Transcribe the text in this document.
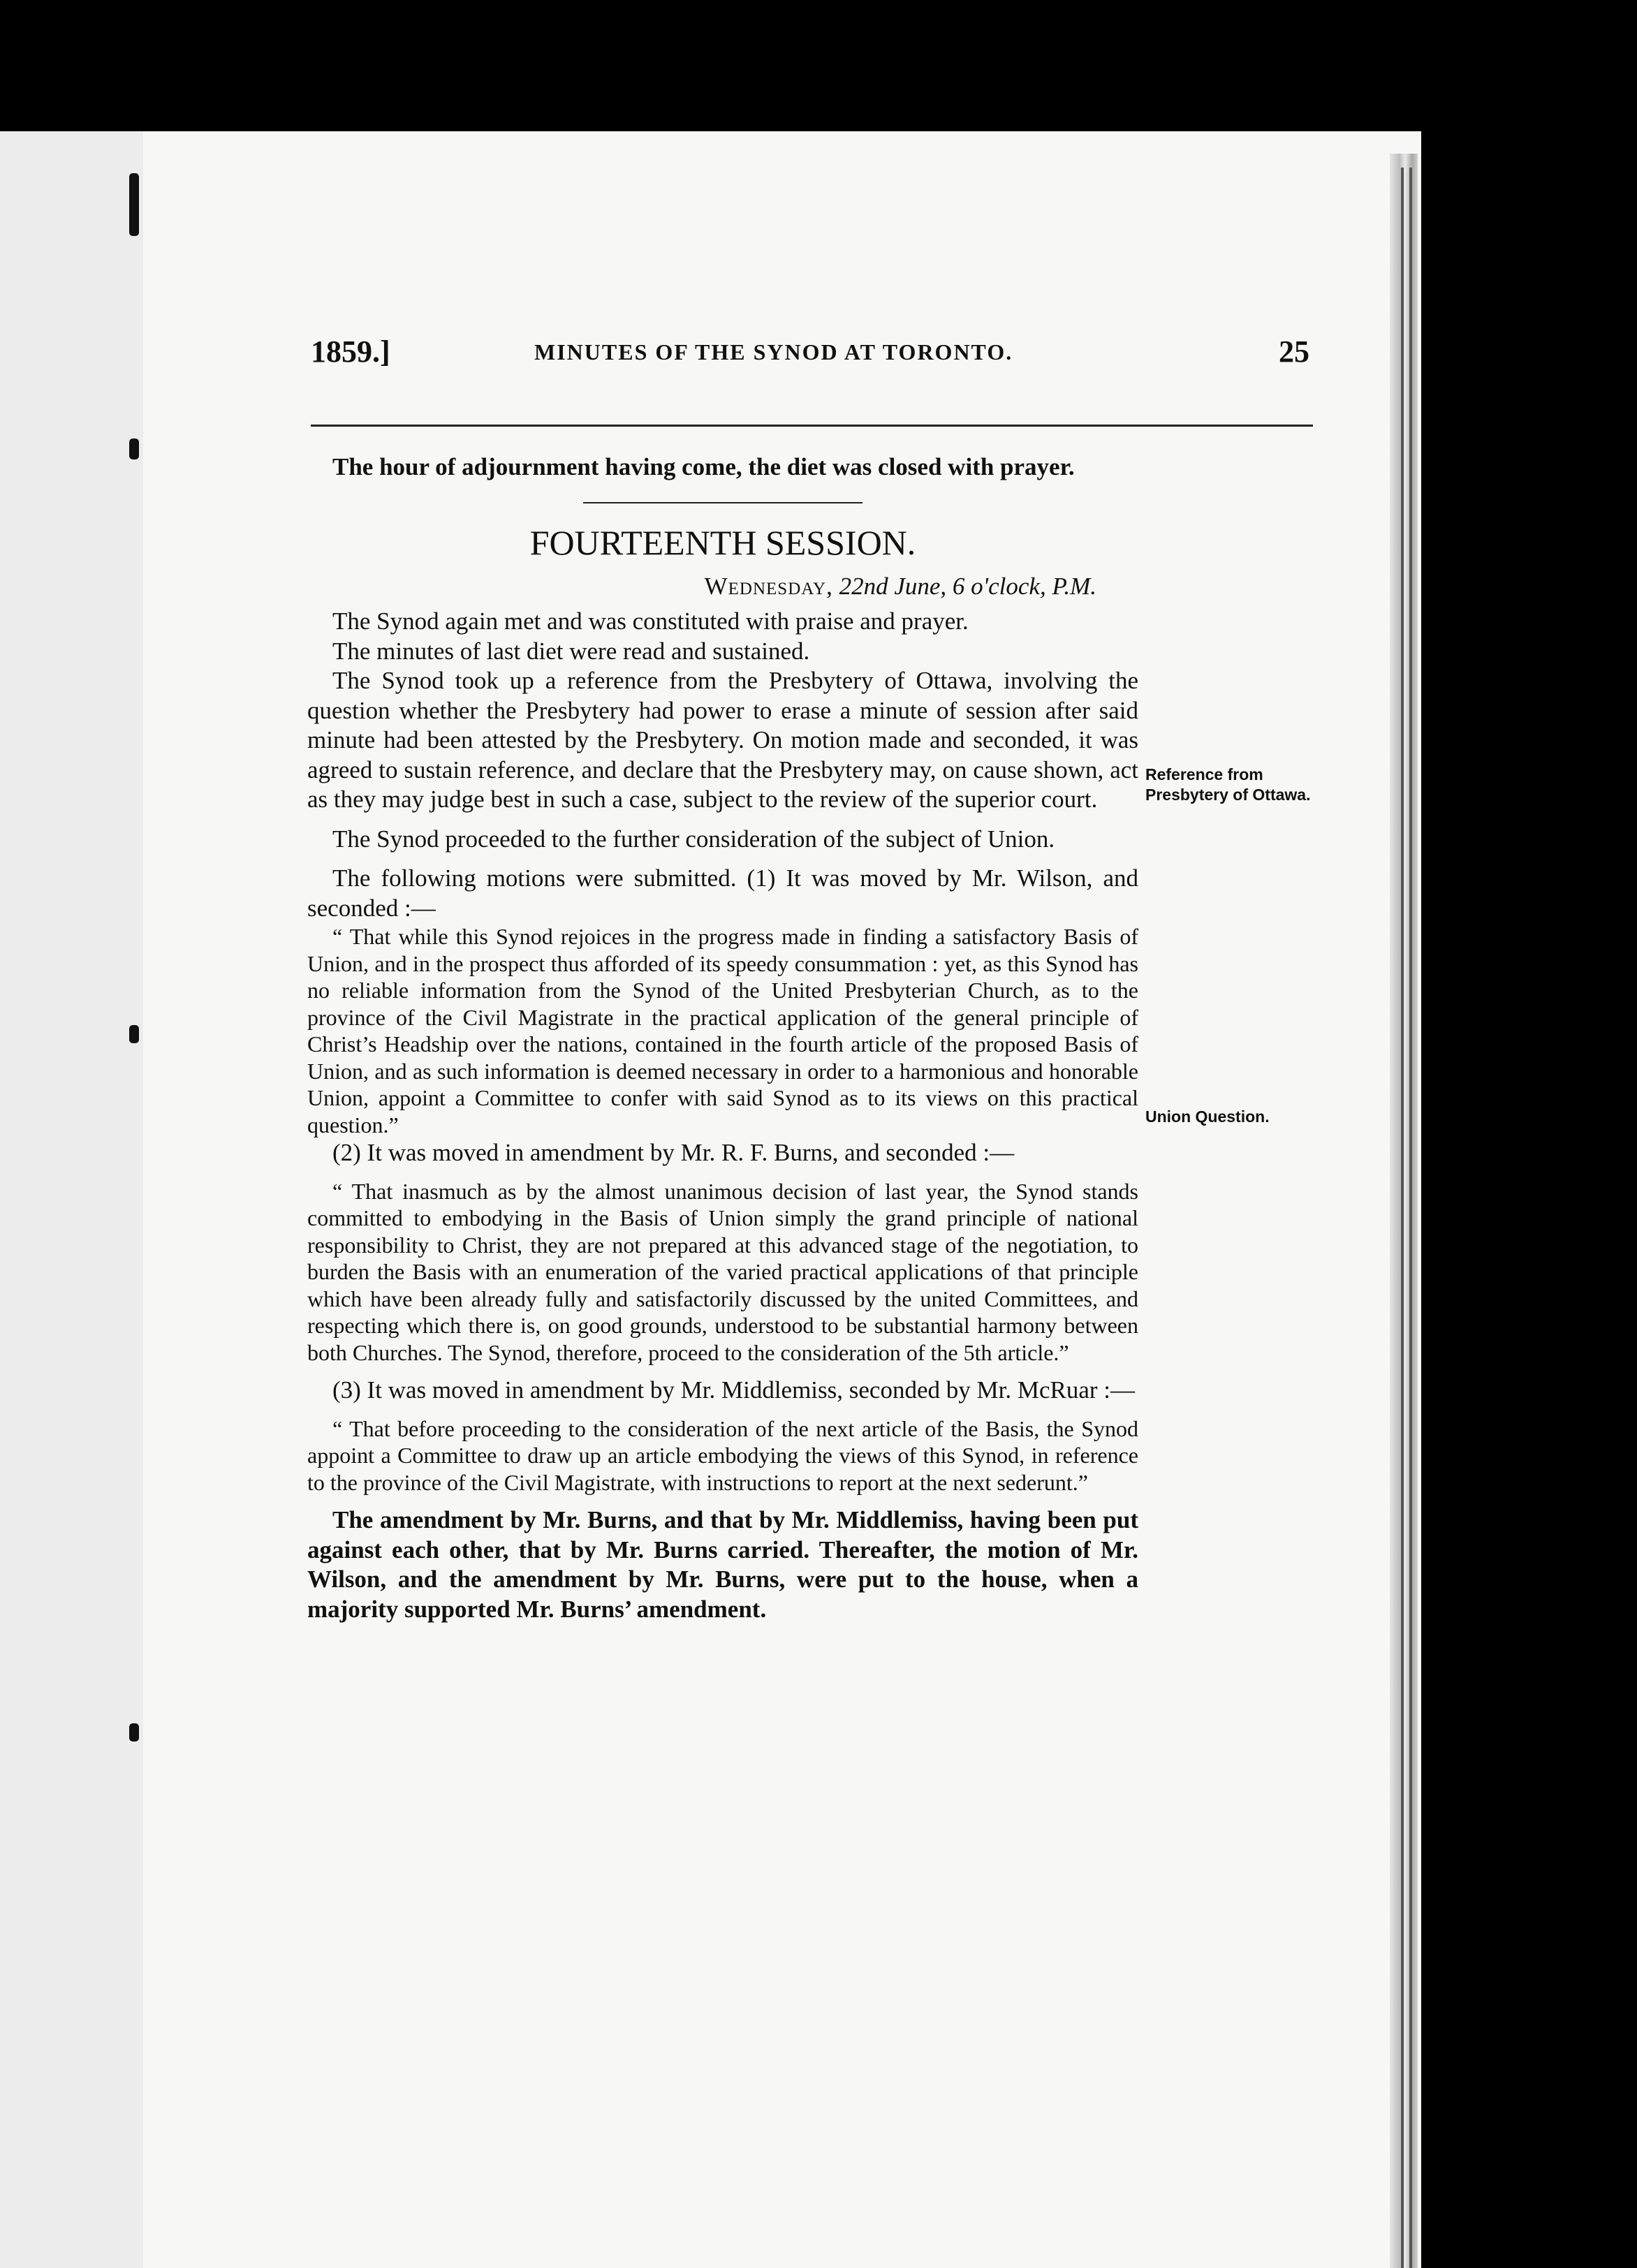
1859.]	MINUTES OF THE SYNOD AT TORONTO.	25

The hour of adjournment having come, the diet was closed with prayer.

FOURTEENTH SESSION.
Wednesday, 22nd June, 6 o'clock, P.M.

The Synod again met and was constituted with praise and prayer.

The minutes of last diet were read and sustained.

The Synod took up a reference from the Presbytery of Ottawa, involving the question whether the Presbytery had power to erase a minute of session after said minute had been attested by the Presbytery. On motion made and seconded, it was agreed to sustain reference, and declare that the Presbytery may, on cause shown, act as they may judge best in such a case, subject to the review of the superior court.

The Synod proceeded to the further consideration of the subject of Union.

The following motions were submitted. (1) It was moved by Mr. Wilson, and seconded :—

“ That while this Synod rejoices in the progress made in finding a satisfactory Basis of Union, and in the prospect thus afforded of its speedy consummation : yet, as this Synod has no reliable information from the Synod of the United Presbyterian Church, as to the province of the Civil Magistrate in the practical application of the general principle of Christ’s Headship over the nations, contained in the fourth article of the proposed Basis of Union, and as such information is deemed necessary in order to a harmonious and honorable Union, appoint a Committee to confer with said Synod as to its views on this practical question.”

(2) It was moved in amendment by Mr. R. F. Burns, and seconded :—

“ That inasmuch as by the almost unanimous decision of last year, the Synod stands committed to embodying in the Basis of Union simply the grand principle of national responsibility to Christ, they are not prepared at this advanced stage of the negotiation, to burden the Basis with an enumeration of the varied practical applications of that principle which have been already fully and satisfactorily discussed by the united Committees, and respecting which there is, on good grounds, understood to be substantial harmony between both Churches. The Synod, therefore, proceed to the consideration of the 5th article.”

(3) It was moved in amendment by Mr. Middlemiss, seconded by Mr. McRuar :—

“ That before proceeding to the consideration of the next article of the Basis, the Synod appoint a Committee to draw up an article embodying the views of this Synod, in reference to the province of the Civil Magistrate, with instructions to report at the next sederunt.”

The amendment by Mr. Burns, and that by Mr. Middlemiss, having been put against each other, that by Mr. Burns carried. Thereafter, the motion of Mr. Wilson, and the amendment by Mr. Burns, were put to the house, when a majority supported Mr. Burns’ amendment.

Reference from Presbytery of Ottawa.
Union Question.
